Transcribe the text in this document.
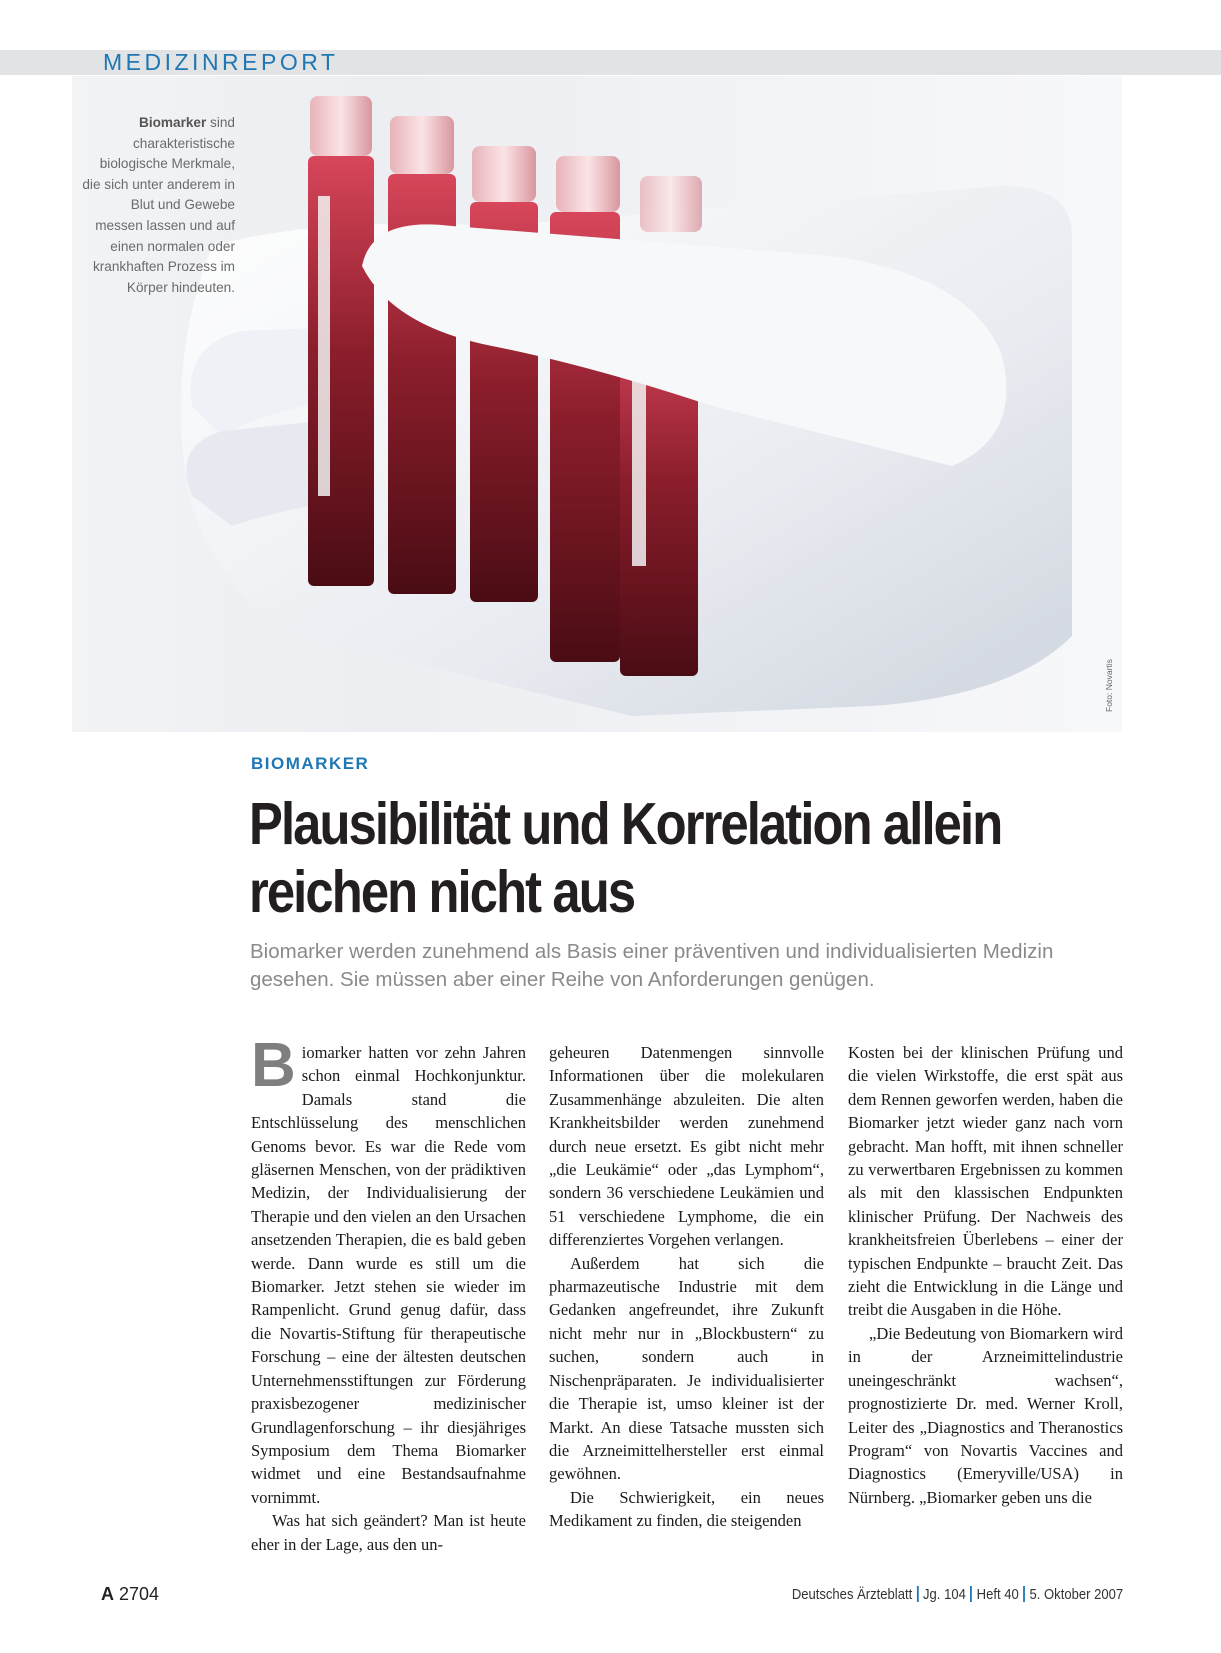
MEDIZINREPORT
Biomarker sind charakteristische biologische Merkmale, die sich unter anderem in Blut und Gewebe messen lassen und auf einen normalen oder krankhaften Prozess im Körper hindeuten.
Foto: Novartis
BIOMARKER
Plausibilität und Korrelation allein
reichen nicht aus

Biomarker werden zunehmend als Basis einer präventiven und individualisierten Medizin gesehen. Sie müssen aber einer Reihe von Anforderungen genügen.

Biomarker hatten vor zehn Jahren schon einmal Hochkonjunktur. Damals stand die Entschlüsselung des menschlichen Genoms bevor. Es war die Rede vom gläsernen Menschen, von der prädiktiven Medizin, der Individualisierung der Therapie und den vielen an den Ursachen ansetzenden Therapien, die es bald geben werde. Dann wurde es still um die Biomarker. Jetzt stehen sie wieder im Rampenlicht. Grund genug dafür, dass die Novartis-Stiftung für therapeutische Forschung – eine der ältesten deutschen Unternehmensstiftungen zur Förderung praxisbezogener medizinischer Grundlagenforschung – ihr diesjähriges Symposium dem Thema Biomarker widmet und eine Bestandsaufnahme vornimmt.

Was hat sich geändert? Man ist heute eher in der Lage, aus den un-

geheuren Datenmengen sinnvolle Informationen über die molekularen Zusammenhänge abzuleiten. Die alten Krankheitsbilder werden zunehmend durch neue ersetzt. Es gibt nicht mehr „die Leukämie“ oder „das Lymphom“, sondern 36 verschiedene Leukämien und 51 verschiedene Lymphome, die ein differenziertes Vorgehen verlangen.

Außerdem hat sich die pharmazeutische Industrie mit dem Gedanken angefreundet, ihre Zukunft nicht mehr nur in „Blockbustern“ zu suchen, sondern auch in Nischenpräparaten. Je individualisierter die Therapie ist, umso kleiner ist der Markt. An diese Tatsache mussten sich die Arzneimittelhersteller erst einmal gewöhnen.

Die Schwierigkeit, ein neues Medikament zu finden, die steigenden

Kosten bei der klinischen Prüfung und die vielen Wirkstoffe, die erst spät aus dem Rennen geworfen werden, haben die Biomarker jetzt wieder ganz nach vorn gebracht. Man hofft, mit ihnen schneller zu verwertbaren Ergebnissen zu kommen als mit den klassischen Endpunkten klinischer Prüfung. Der Nachweis des krankheitsfreien Überlebens – einer der typischen Endpunkte – braucht Zeit. Das zieht die Entwicklung in die Länge und treibt die Ausgaben in die Höhe.

„Die Bedeutung von Biomarkern wird in der Arzneimittelindustrie uneingeschränkt wachsen“, prognostizierte Dr. med. Werner Kroll, Leiter des „Diagnostics and Theranostics Program“ von Novartis Vaccines and Diagnostics (Emeryville/USA) in Nürnberg. „Biomarker geben uns die

A 2704	Deutsches Ärzteblatt Jg. 104 Heft 40 5. Oktober 2007
